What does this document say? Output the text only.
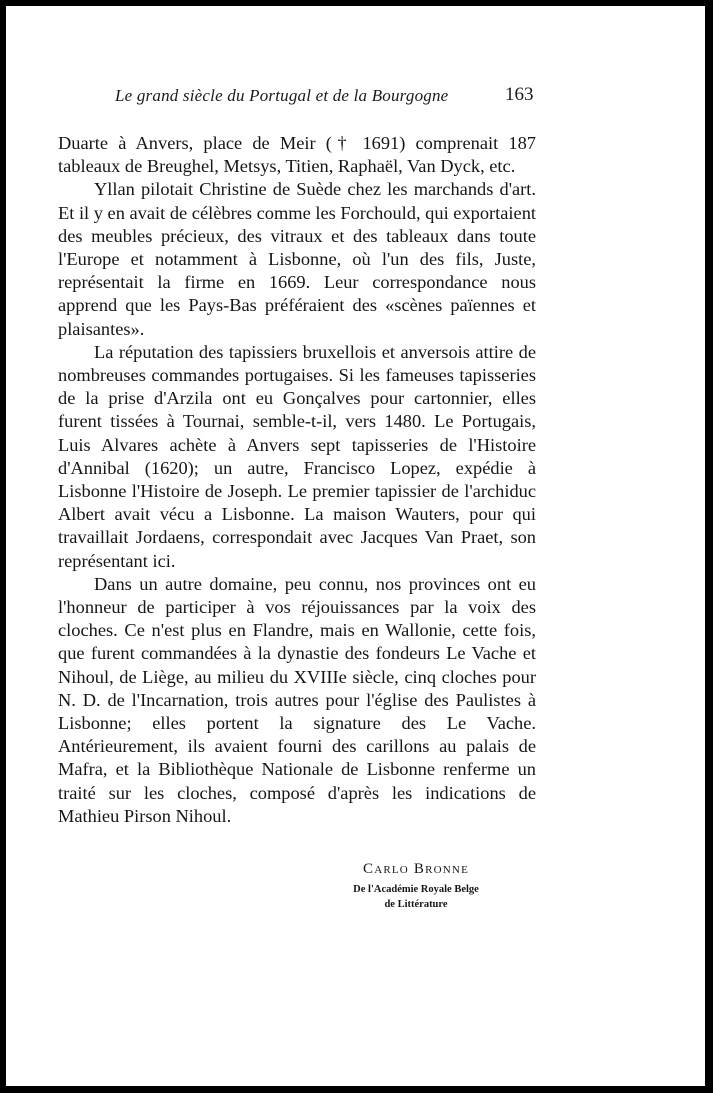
Le grand siècle du Portugal et de la Bourgogne	163

Duarte à Anvers, place de Meir († 1691) comprenait 187 tableaux de Breughel, Metsys, Titien, Raphaël, Van Dyck, etc.

Yllan pilotait Christine de Suède chez les marchands d'art. Et il y en avait de célèbres comme les Forchould, qui exportaient des meubles précieux, des vitraux et des tableaux dans toute l'Europe et notamment à Lisbonne, où l'un des fils, Juste, représentait la firme en 1669. Leur correspondance nous apprend que les Pays-Bas préféraient des «scènes païennes et plaisantes».

La réputation des tapissiers bruxellois et anversois attire de nombreuses commandes portugaises. Si les fameuses tapisseries de la prise d'Arzila ont eu Gonçalves pour cartonnier, elles furent tissées à Tournai, semble-t-il, vers 1480. Le Portugais, Luis Alvares achète à Anvers sept tapisseries de l'Histoire d'Annibal (1620); un autre, Francisco Lopez, expédie à Lisbonne l'Histoire de Joseph. Le premier tapissier de l'archiduc Albert avait vécu a Lisbonne. La maison Wauters, pour qui travaillait Jordaens, correspondait avec Jacques Van Praet, son représentant ici.

Dans un autre domaine, peu connu, nos provinces ont eu l'honneur de participer à vos réjouissances par la voix des cloches. Ce n'est plus en Flandre, mais en Wallonie, cette fois, que furent commandées à la dynastie des fondeurs Le Vache et Nihoul, de Liège, au milieu du XVIIIe siècle, cinq cloches pour N. D. de l'Incarnation, trois autres pour l'église des Paulistes à Lisbonne; elles portent la signature des Le Vache. Antérieurement, ils avaient fourni des carillons au palais de Mafra, et la Bibliothèque Nationale de Lisbonne renferme un traité sur les cloches, composé d'après les indications de Mathieu Pirson Nihoul.

Carlo Bronne
De l'Académie Royale Belge
de Littérature
